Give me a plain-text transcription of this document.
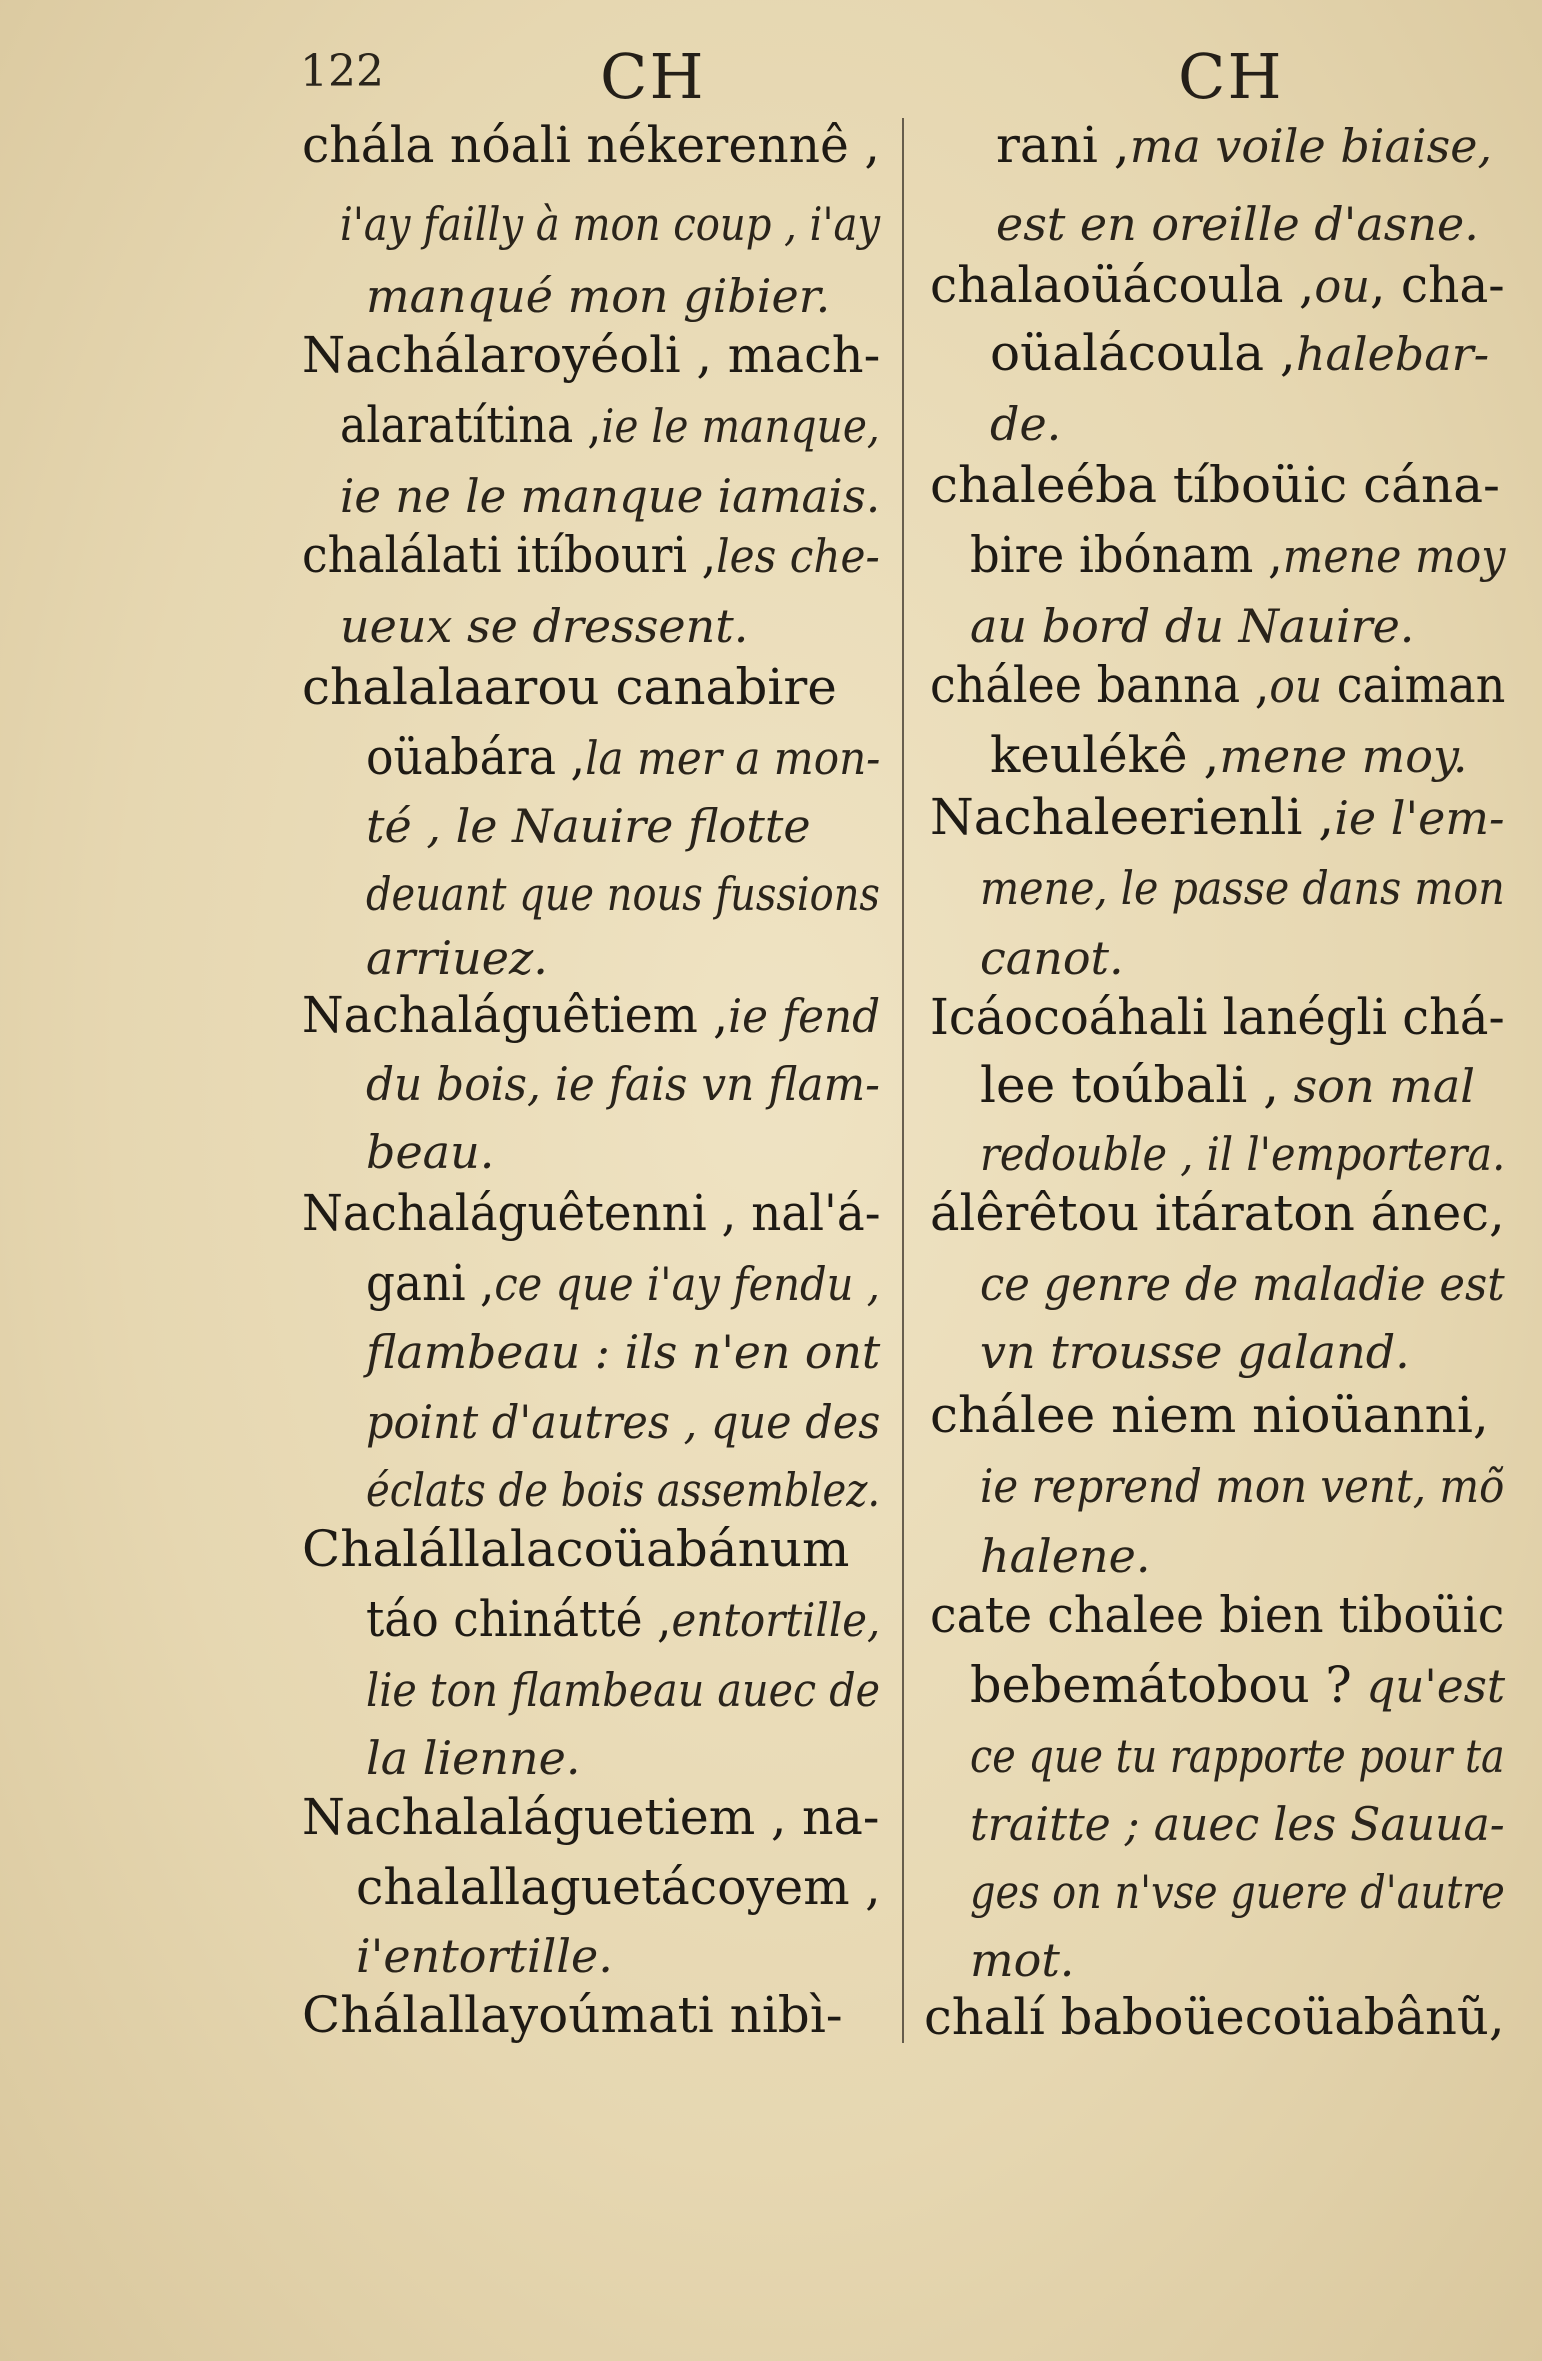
122	CH	CH
chála nóali nékerennê ,
i'ay failly à mon coup , i'ay
manqué mon gibier.
Nachálaroyéoli , mach-
alaratítina ,ie le manque,
ie ne le manque iamais.
chalálati itíbouri ,les che-
ueux se dressent.
chalalaarou canabire
oüabára ,la mer a mon-
té , le Nauire flotte
deuant que nous fussions
arriuez.
Nachaláguêtiem ,ie fend
du bois, ie fais vn flam-
beau.
Nachaláguêtenni , nal'á-
gani ,ce que i'ay fendu ,
flambeau : ils n'en ont
point d'autres , que des
éclats de bois assemblez.
Chalállalacoüabánum
táo chinátté ,entortille,
lie ton flambeau auec de
la lienne.
Nachalaláguetiem , na-
chalallaguetácoyem ,
i'entortille.
Chálallayoúmati nibì-
rani ,ma voile biaise,
est en oreille d'asne.
chalaoüácoula ,ou, cha-
oüalácoula ,halebar-
de.
chaleéba tíboüic cána-
bire ibónam ,mene moy
au bord du Nauire.
chálee banna ,ou caiman
keulékê ,mene moy.
Nachaleerienli ,ie l'em-
mene, le passe dans mon
canot.
Icáocoáhali lanégli chá-
lee toúbali , son mal
redouble , il l'emportera.
álêrêtou itáraton ánec,
ce genre de maladie est
vn trousse galand.
chálee niem nioüanni,
ie reprend mon vent, mõ
halene.
cate chalee bien tiboüic
bebemátobou ? qu'est
ce que tu rapporte pour ta
traitte ; auec les Sauua-
ges on n'vse guere d'autre
mot.
chalí baboüecoüabânũ,
